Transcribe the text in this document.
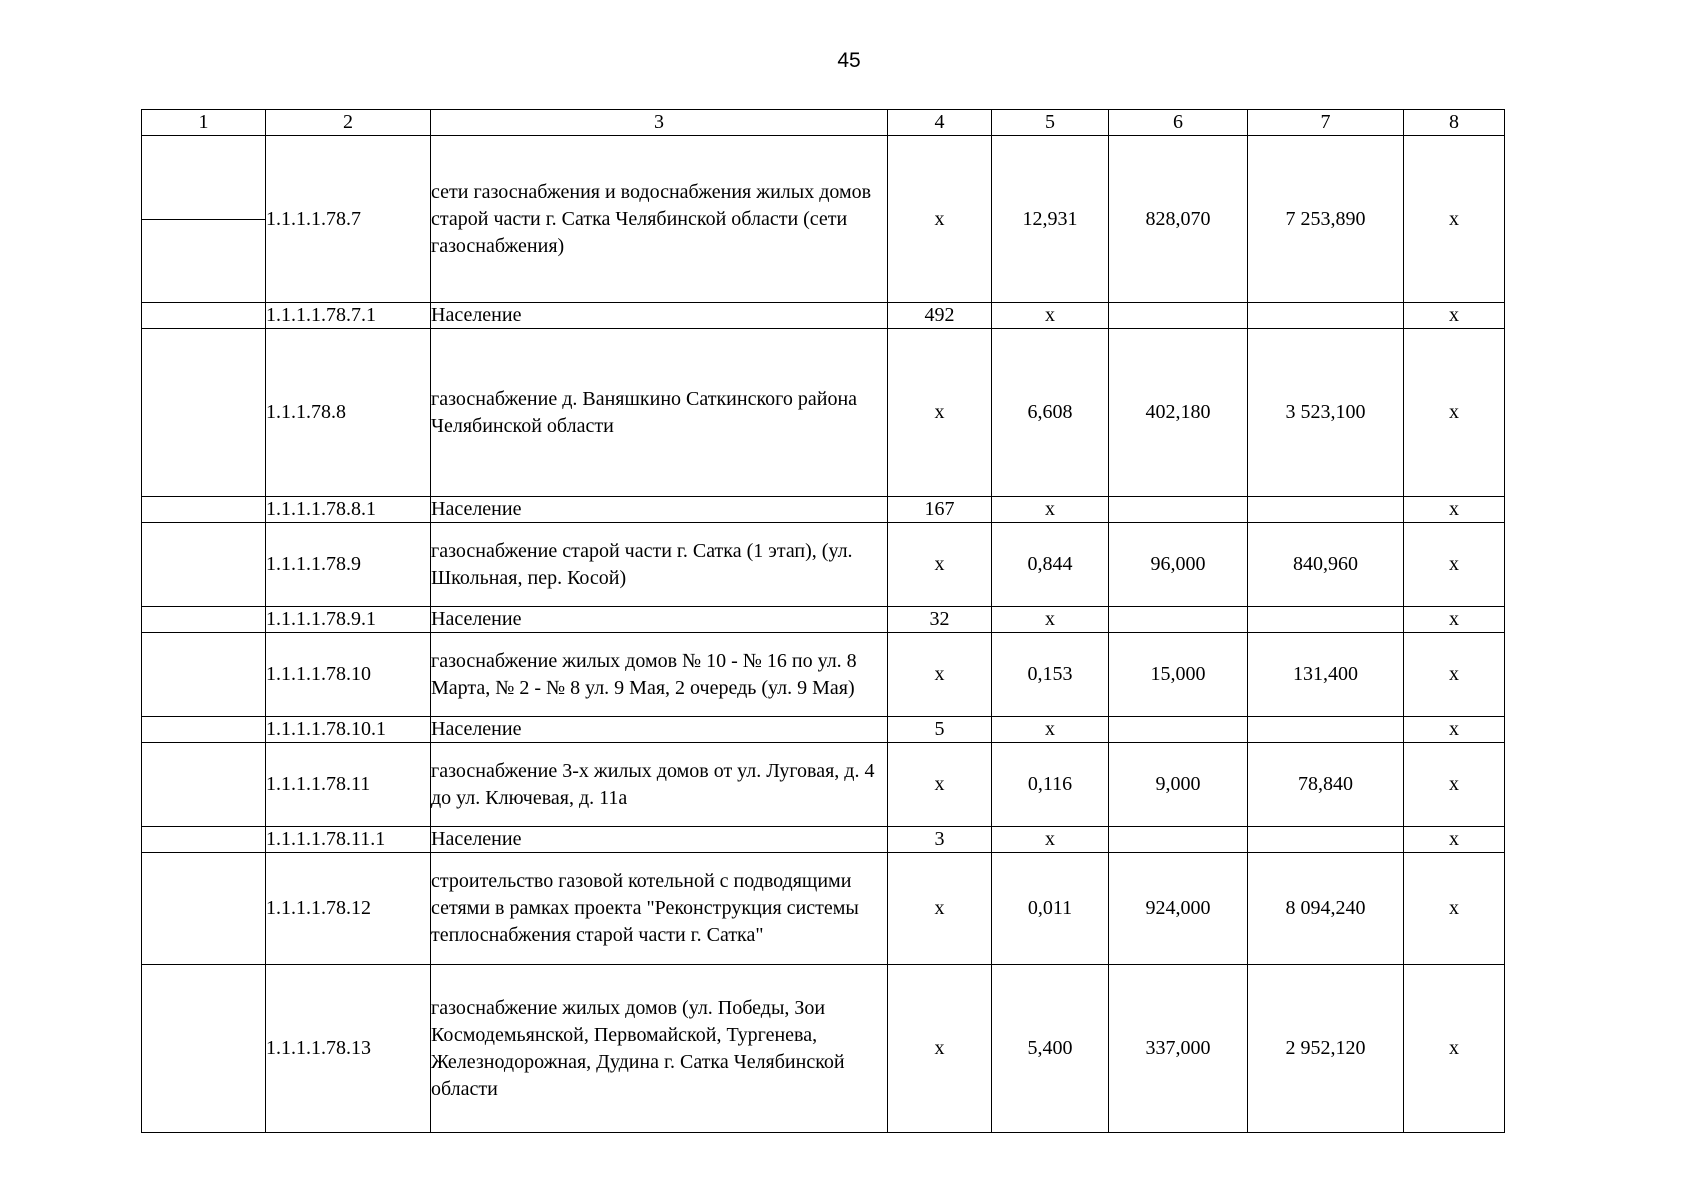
45
1	2	3	4	5	6	7	8
	1.1.1.1.78.7	сети газоснабжения и водоснабжения жилых домов старой части г. Сатка Челябинской области (сети газоснабжения)	x	12,931	828,070	7 253,890	x
	1.1.1.1.78.7.1	Население	492	x			x
	1.1.1.78.8	газоснабжение д. Ваняшкино Саткинского района Челябинской области	x	6,608	402,180	3 523,100	x
	1.1.1.1.78.8.1	Население	167	x			x
	1.1.1.1.78.9	газоснабжение старой части г. Сатка (1 этап), (ул. Школьная, пер. Косой)	x	0,844	96,000	840,960	x
	1.1.1.1.78.9.1	Население	32	x			x
	1.1.1.1.78.10	газоснабжение жилых домов № 10 - № 16 по ул. 8 Марта, № 2 - № 8 ул. 9 Мая, 2 очередь (ул. 9 Мая)	x	0,153	15,000	131,400	x
	1.1.1.1.78.10.1	Население	5	x			x
	1.1.1.1.78.11	газоснабжение 3-х жилых домов от ул. Луговая, д. 4 до ул. Ключевая, д. 11а	x	0,116	9,000	78,840	x
	1.1.1.1.78.11.1	Население	3	x			x
	1.1.1.1.78.12	строительство газовой котельной с подводящими сетями в рамках проекта "Реконструкция системы теплоснабжения старой части г. Сатка"	x	0,011	924,000	8 094,240	x
	1.1.1.1.78.13	газоснабжение жилых домов (ул. Победы, Зои Космодемьянской, Первомайской, Тургенева, Железнодорожная, Дудина г. Сатка Челябинской области	x	5,400	337,000	2 952,120	x
